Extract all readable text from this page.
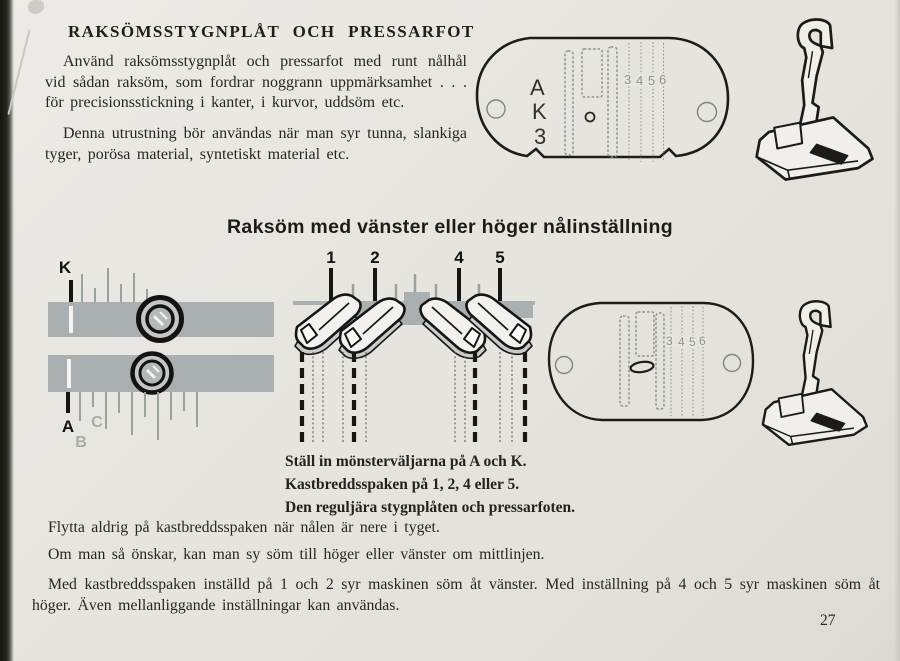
RAKSÖMSSTYGNPLÅT OCH PRESSARFOT

Använd raksömsstygnplåt och pressarfot med runt nålhål vid sådan raksöm, som fordrar noggrann uppmärksamhet . . . för precisionsstickning i kanter, i kurvor, uddsöm etc.

Denna utrustning bör användas när man syr tunna, slankiga tyger, porösa material, syntetiskt material etc.

A
K
3
3 4 5 6
Raksöm med vänster eller höger nålinställning
K
A C
B
1 2	4 5
3 4 5 6
Ställ in mönsterväljarna på A och K.
Kastbreddsspaken på 1, 2, 4 eller 5.
Den reguljära stygnplåten och pressarfoten.

Flytta aldrig på kastbreddsspaken när nålen är nere i tyget.

Om man så önskar, kan man sy söm till höger eller vänster om mittlinjen.

Med kastbreddsspaken inställd på 1 och 2 syr maskinen söm åt vänster. Med inställning på 4 och 5 syr maskinen söm åt höger. Även mellanliggande inställningar kan användas.

27
